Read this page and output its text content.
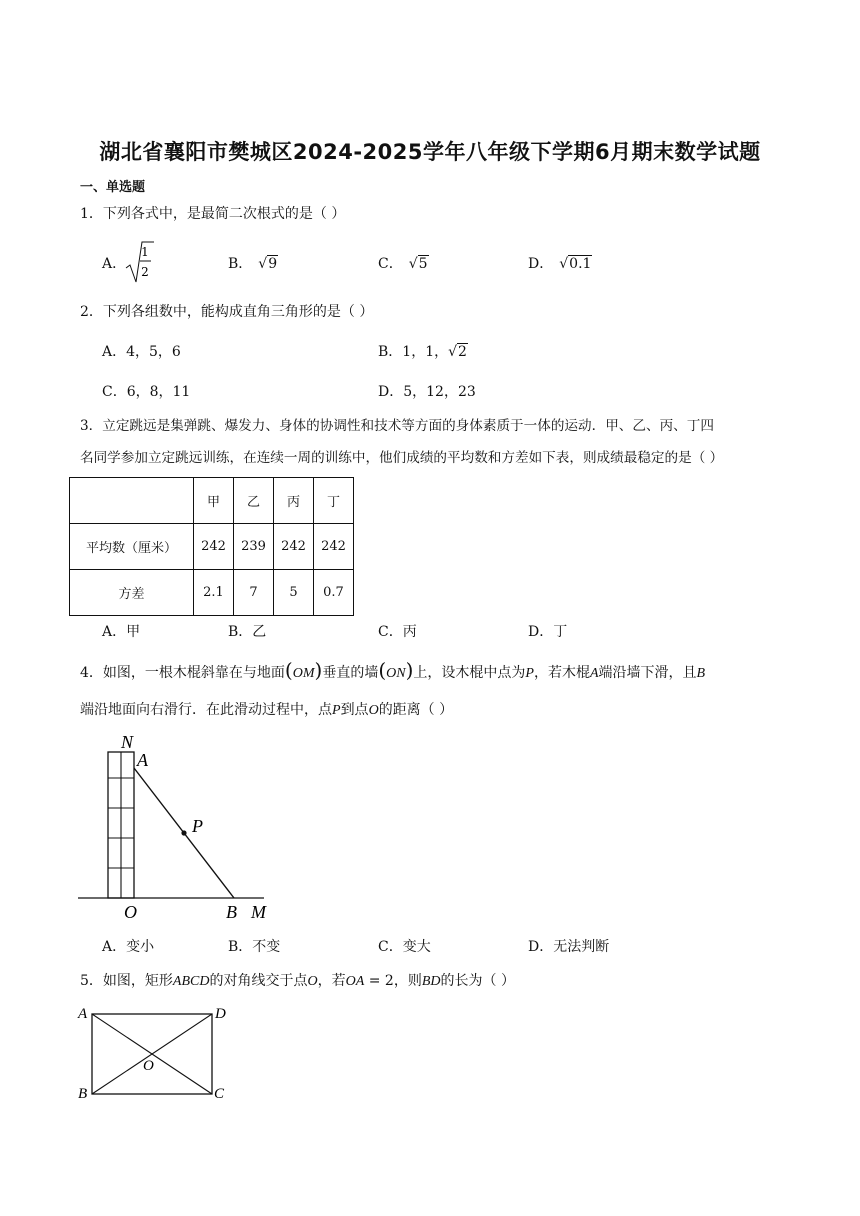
湖北省襄阳市樊城区2024-2025学年八年级下学期6月期末数学试题
一、单选题
1．下列各式中，是最简二次根式的是（ ）
A．
1
2	B． √9	C． √5	D． √0.1
2．下列各组数中，能构成直角三角形的是（ ）
A．4，5，6	B．1，1，√2
C．6，8，11	D．5，12，23
3．立定跳远是集弹跳、爆发力、身体的协调性和技术等方面的身体素质于一体的运动．甲、乙、丙、丁四
名同学参加立定跳远训练，在连续一周的训练中，他们成绩的平均数和方差如下表，则成绩最稳定的是（ ）
	甲	乙	丙	丁
平均数（厘米）	242	239	242	242
方差	2.1	7	5	0.7
A．甲	B．乙	C．丙	D．丁
4．如图，一根木棍斜靠在与地面(OM)垂直的墙(ON)上，设木棍中点为P，若木棍A端沿墙下滑，且B
端沿地面向右滑行．在此滑动过程中，点P到点O的距离（ ）
N
A
P
O	B M
A．变小	B．不变	C．变大	D．无法判断
5．如图，矩形ABCD的对角线交于点O，若OA = 2，则BD的长为（ ）
A	D
B	C
O
